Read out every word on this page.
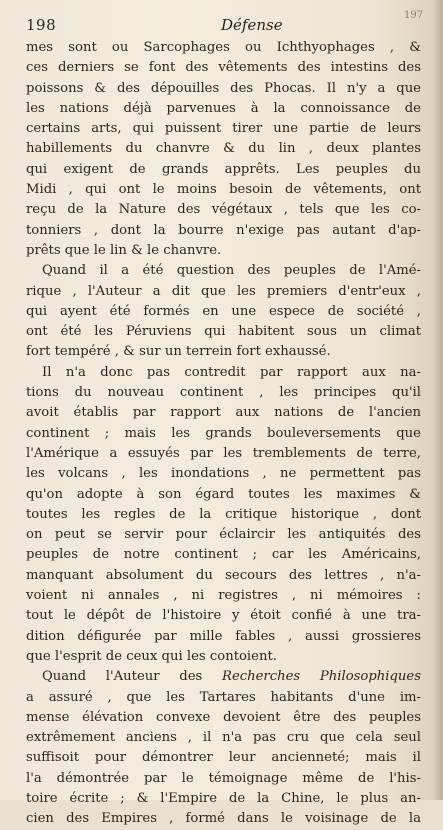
198	Défense
197
mes sont ou Sarcophages ou Ichthyophages , &
ces derniers se font des vêtements des intestins des
poissons & des dépouilles des Phocas. Il n'y a que
les nations déjà parvenues à la connoissance de
certains arts, qui puissent tirer une partie de leurs
habillements du chanvre & du lin , deux plantes
qui exigent de grands apprêts. Les peuples du
Midi , qui ont le moins besoin de vêtements, ont
reçu de la Nature des végétaux , tels que les co-
tonniers , dont la bourre n'exige pas autant d'ap-
prêts que le lin & le chanvre.
Quand il a été question des peuples de l'Amé-
rique , l'Auteur a dit que les premiers d'entr'eux ,
qui ayent été formés en une espece de société ,
ont été les Péruviens qui habitent sous un climat
fort tempéré , & sur un terrein fort exhaussé.
Il n'a donc pas contredit par rapport aux na-
tions du nouveau continent , les principes qu'il
avoit établis par rapport aux nations de l'ancien
continent ; mais les grands bouleversements que
l'Amérique a essuyés par les tremblements de terre,
les volcans , les inondations , ne permettent pas
qu'on adopte à son égard toutes les maximes &
toutes les regles de la critique historique , dont
on peut se servir pour éclaircir les antiquités des
peuples de notre continent ; car les Américains,
manquant absolument du secours des lettres , n'a-
voient ni annales , ni registres , ni mémoires :
tout le dépôt de l'histoire y étoit confié à une tra-
dition défigurée par mille fables , aussi grossieres
que l'esprit de ceux qui les contoient.
Quand l'Auteur des Recherches Philosophiques
a assuré , que les Tartares habitants d'une im-
mense élévation convexe devoient être des peuples
extrêmement anciens , il n'a pas cru que cela seul
suffisoit pour démontrer leur ancienneté; mais il
l'a démontrée par le témoignage même de l'his-
toire écrite ; & l'Empire de la Chine, le plus an-
cien des Empires , formé dans le voisinage de la
